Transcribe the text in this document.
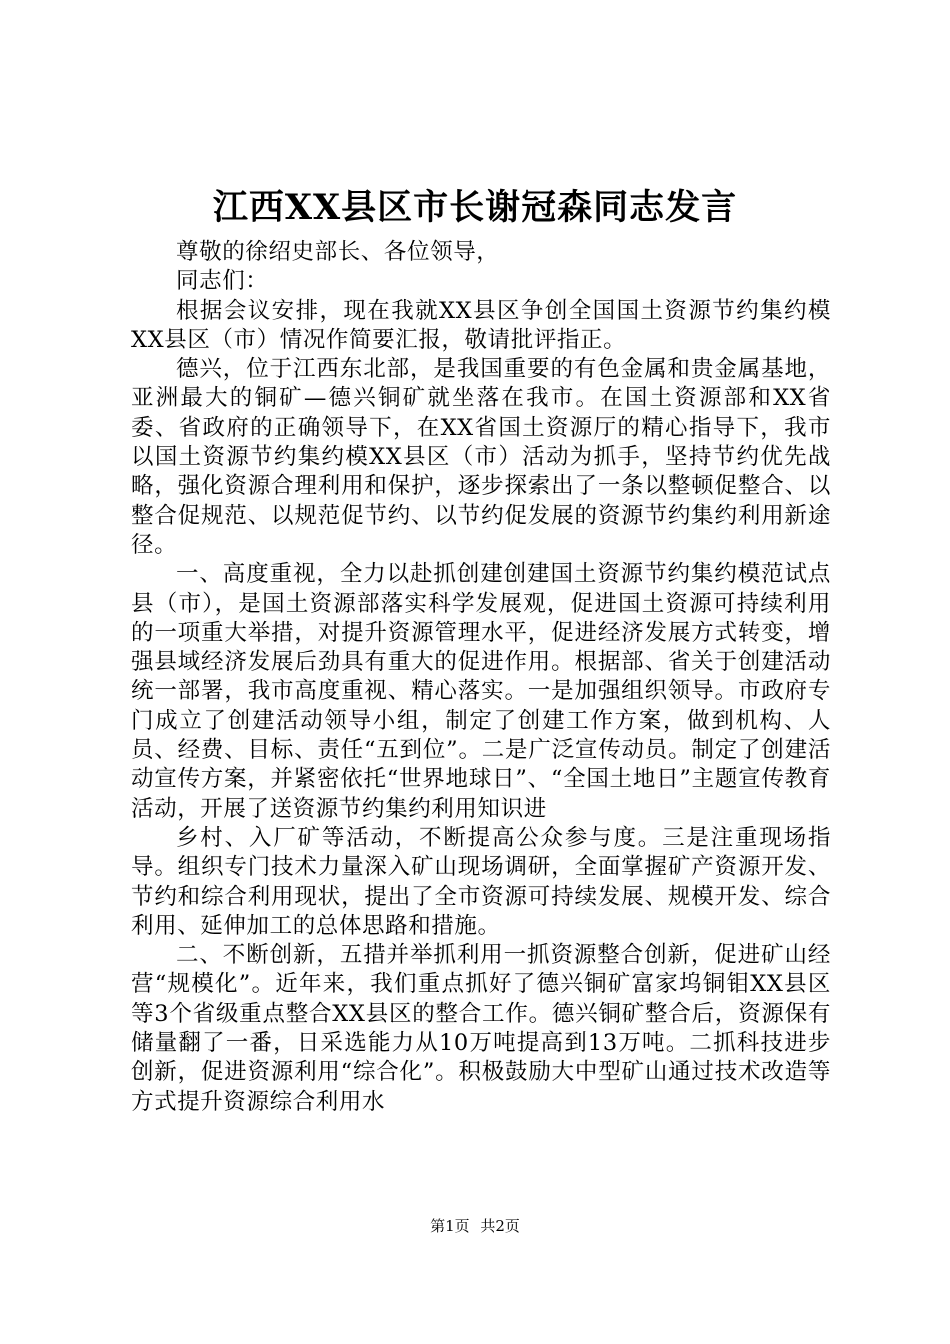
江西XX县区市长谢冠森同志发言

尊敬的徐绍史部长、各位领导，

同志们：

根据会议安排，现在我就XX县区争创全国国土资源节约集约模XX县区（市）情况作简要汇报，敬请批评指正。

德兴，位于江西东北部，是我国重要的有色金属和贵金属基地，亚洲最大的铜矿—德兴铜矿就坐落在我市。在国土资源部和XX省委、省政府的正确领导下，在XX省国土资源厅的精心指导下，我市以国土资源节约集约模XX县区（市）活动为抓手，坚持节约优先战略，强化资源合理利用和保护，逐步探索出了一条以整顿促整合、以整合促规范、以规范促节约、以节约促发展的资源节约集约利用新途径。

一、高度重视，全力以赴抓创建创建国土资源节约集约模范试点县（市），是国土资源部落实科学发展观，促进国土资源可持续利用的一项重大举措，对提升资源管理水平，促进经济发展方式转变，增强县域经济发展后劲具有重大的促进作用。根据部、省关于创建活动统一部署，我市高度重视、精心落实。一是加强组织领导。市政府专门成立了创建活动领导小组，制定了创建工作方案，做到机构、人员、经费、目标、责任“五到位”。二是广泛宣传动员。制定了创建活动宣传方案，并紧密依托“世界地球日”、“全国土地日”主题宣传教育活动，开展了送资源节约集约利用知识进

乡村、入厂矿等活动，不断提高公众参与度。三是注重现场指导。组织专门技术力量深入矿山现场调研，全面掌握矿产资源开发、节约和综合利用现状，提出了全市资源可持续发展、规模开发、综合利用、延伸加工的总体思路和措施。

二、不断创新，五措并举抓利用一抓资源整合创新，促进矿山经营“规模化”。近年来，我们重点抓好了德兴铜矿富家坞铜钼XX县区等3个省级重点整合XX县区的整合工作。德兴铜矿整合后，资源保有储量翻了一番，日采选能力从10万吨提高到13万吨。二抓科技进步创新，促进资源利用“综合化”。积极鼓励大中型矿山通过技术改造等方式提升资源综合利用水

第1页 共2页
